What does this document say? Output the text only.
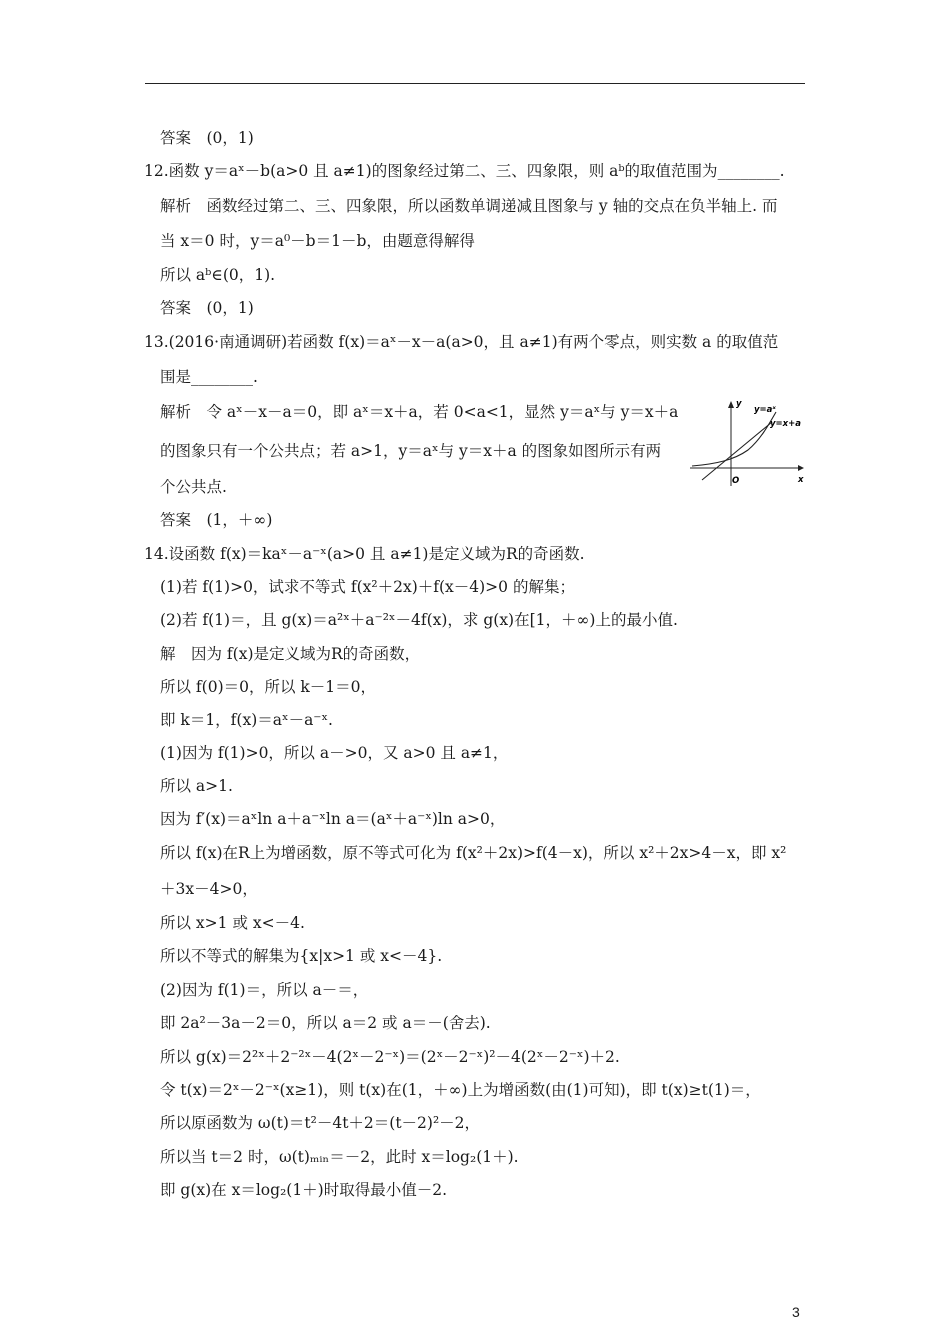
答案　(0，1)
12.函数 y＝aˣ－b(a>0 且 a≠1)的图象经过第二、三、四象限，则 aᵇ的取值范围为________.
解析　函数经过第二、三、四象限，所以函数单调递减且图象与 y 轴的交点在负半轴上. 而
当 x＝0 时，y＝a⁰－b＝1－b，由题意得解得
所以 aᵇ∈(0，1).
答案　(0，1)
13.(2016·南通调研)若函数 f(x)＝aˣ－x－a(a>0，且 a≠1)有两个零点，则实数 a 的取值范
围是________.
解析　令 aˣ－x－a＝0，即 aˣ＝x＋a，若 0<a<1，显然 y＝aˣ与 y＝x＋a
的图象只有一个公共点；若 a>1，y＝aˣ与 y＝x＋a 的图象如图所示有两
个公共点.
答案　(1，＋∞)
14.设函数 f(x)＝kaˣ－a⁻ˣ(a>0 且 a≠1)是定义域为R的奇函数.
(1)若 f(1)>0，试求不等式 f(x²＋2x)＋f(x－4)>0 的解集；
(2)若 f(1)＝，且 g(x)＝a²ˣ＋a⁻²ˣ－4f(x)，求 g(x)在[1，＋∞)上的最小值.
解　因为 f(x)是定义域为R的奇函数，
所以 f(0)＝0，所以 k－1＝0，
即 k＝1，f(x)＝aˣ－a⁻ˣ.
(1)因为 f(1)>0，所以 a－>0，又 a>0 且 a≠1，
所以 a>1.
因为 f′(x)＝aˣln a＋a⁻ˣln a＝(aˣ＋a⁻ˣ)ln a>0，
所以 f(x)在R上为增函数，原不等式可化为 f(x²＋2x)>f(4－x)，所以 x²＋2x>4－x，即 x²
＋3x－4>0，
所以 x>1 或 x<－4.
所以不等式的解集为{x|x>1 或 x<－4}.
(2)因为 f(1)＝，所以 a－＝，
即 2a²－3a－2＝0，所以 a＝2 或 a＝－(舍去).
所以 g(x)＝2²ˣ＋2⁻²ˣ－4(2ˣ－2⁻ˣ)＝(2ˣ－2⁻ˣ)²－4(2ˣ－2⁻ˣ)＋2.
令 t(x)＝2ˣ－2⁻ˣ(x≥1)，则 t(x)在(1，＋∞)上为增函数(由(1)可知)，即 t(x)≥t(1)＝，
所以原函数为 ω(t)＝t²－4t＋2＝(t－2)²－2，
所以当 t＝2 时，ω(t)ₘᵢₙ＝－2，此时 x＝log₂(1＋).
即 g(x)在 x＝log₂(1＋)时取得最小值－2.
y
y=aˣ
y=x+a
O	x
3
